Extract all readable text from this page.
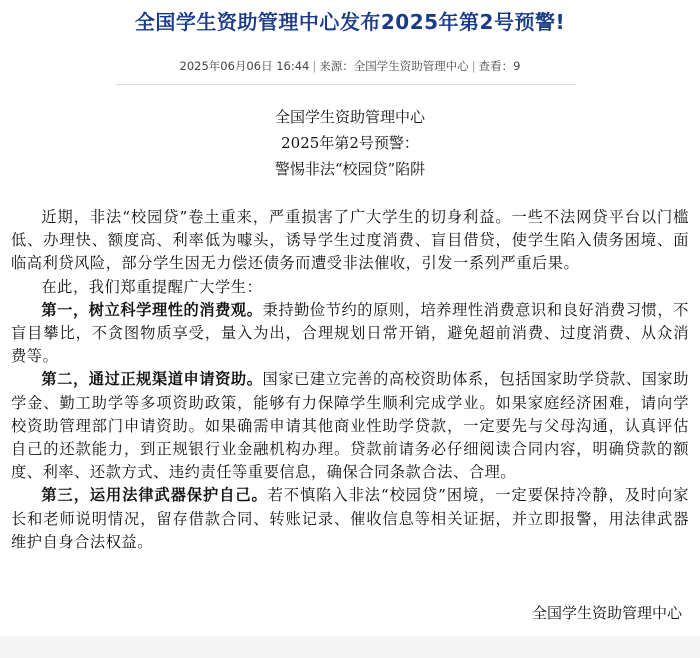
全国学生资助管理中心发布2025年第2号预警!
2025年06月06日 16:44 | 来源：全国学生资助管理中心 | 查看：9
全国学生资助管理中心
2025年第2号预警：
警惕非法“校园贷”陷阱

近期，非法“校园贷”卷土重来，严重损害了广大学生的切身利益。一些不法网贷平台以门槛低、办理快、额度高、利率低为噱头，诱导学生过度消费、盲目借贷，使学生陷入债务困境、面临高利贷风险，部分学生因无力偿还债务而遭受非法催收，引发一系列严重后果。

在此，我们郑重提醒广大学生：

第一，树立科学理性的消费观。秉持勤俭节约的原则，培养理性消费意识和良好消费习惯，不盲目攀比，不贪图物质享受，量入为出，合理规划日常开销，避免超前消费、过度消费、从众消费等。

第二，通过正规渠道申请资助。国家已建立完善的高校资助体系，包括国家助学贷款、国家助学金、勤工助学等多项资助政策，能够有力保障学生顺利完成学业。如果家庭经济困难，请向学校资助管理部门申请资助。如果确需申请其他商业性助学贷款，一定要先与父母沟通，认真评估自己的还款能力，到正规银行业金融机构办理。贷款前请务必仔细阅读合同内容，明确贷款的额度、利率、还款方式、违约责任等重要信息，确保合同条款合法、合理。

第三，运用法律武器保护自己。若不慎陷入非法“校园贷”困境，一定要保持冷静，及时向家长和老师说明情况，留存借款合同、转账记录、催收信息等相关证据，并立即报警，用法律武器维护自身合法权益。

全国学生资助管理中心
